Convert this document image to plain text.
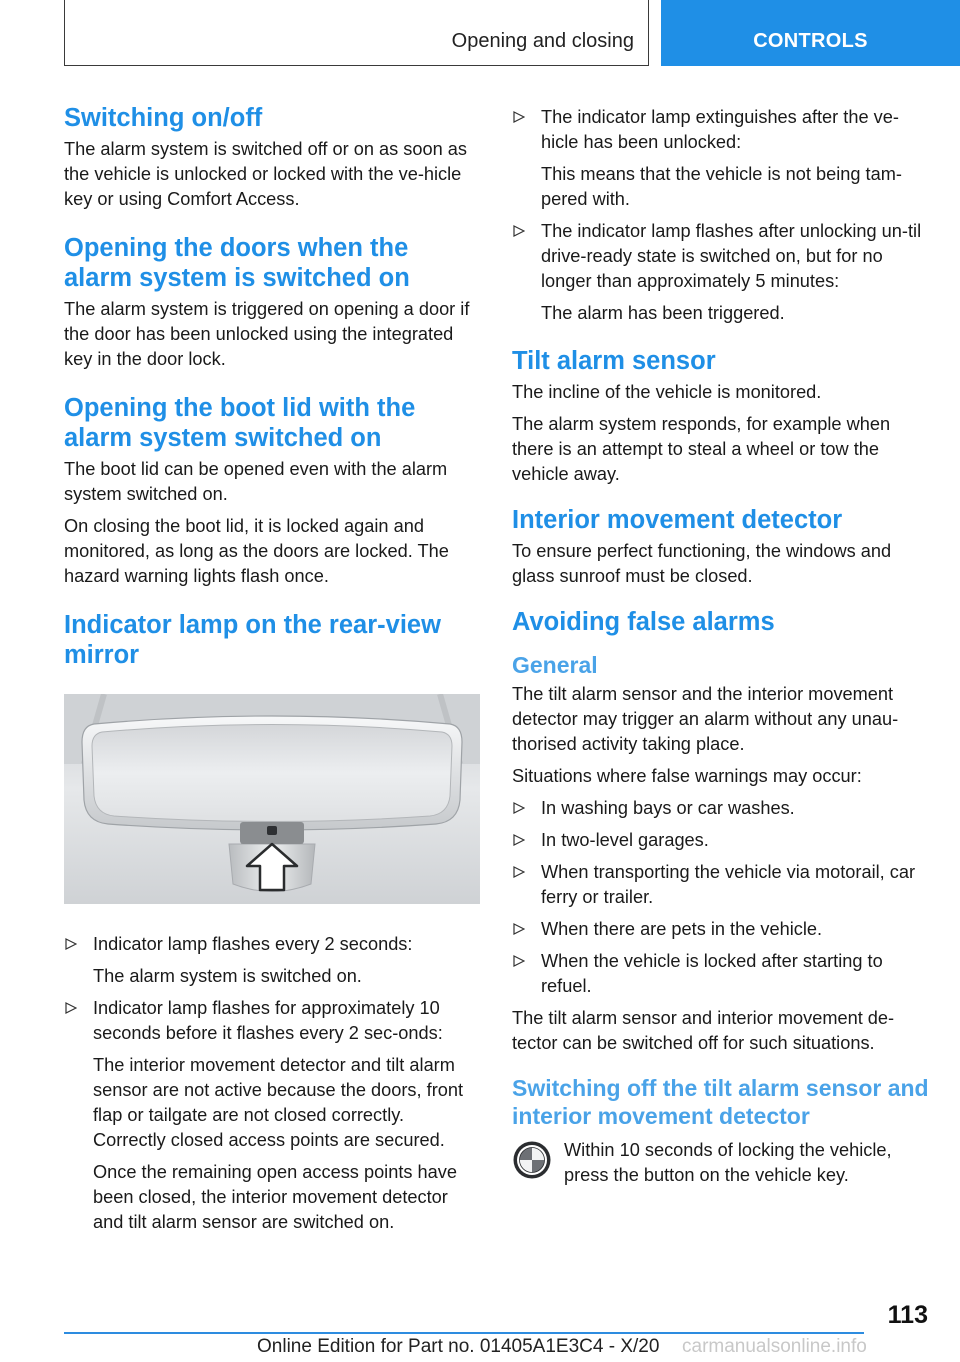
Opening and closing	CONTROLS
Switching on/off

The alarm system is switched off or on as soon as the vehicle is unlocked or locked with the ve‐hicle key or using Comfort Access.

Opening the doors when the alarm system is switched on

The alarm system is triggered on opening a door if the door has been unlocked using the integrated key in the door lock.

Opening the boot lid with the alarm system switched on

The boot lid can be opened even with the alarm system switched on.

On closing the boot lid, it is locked again and monitored, as long as the doors are locked. The hazard warning lights flash once.

Indicator lamp on the rear-view mirror

Indicator lamp flashes every 2 seconds:

The alarm system is switched on.

Indicator lamp flashes for approximately 10 seconds before it flashes every 2 sec‐onds:

The interior movement detector and tilt alarm sensor are not active because the doors, front flap or tailgate are not closed correctly. Correctly closed access points are secured.

Once the remaining open access points have been closed, the interior movement detector and tilt alarm sensor are switched on.

The indicator lamp extinguishes after the ve‐hicle has been unlocked:

This means that the vehicle is not being tam‐pered with.

The indicator lamp flashes after unlocking un‐til drive-ready state is switched on, but for no longer than approximately 5 minutes:

The alarm has been triggered.

Tilt alarm sensor

The incline of the vehicle is monitored.

The alarm system responds, for example when there is an attempt to steal a wheel or tow the vehicle away.

Interior movement detector

To ensure perfect functioning, the windows and glass sunroof must be closed.

Avoiding false alarms
General

The tilt alarm sensor and the interior movement detector may trigger an alarm without any unau‐thorised activity taking place.

Situations where false warnings may occur:

In washing bays or car washes.
In two-level garages.
When transporting the vehicle via motorail, car ferry or trailer.
When there are pets in the vehicle.
When the vehicle is locked after starting to refuel.

The tilt alarm sensor and interior movement de‐tector can be switched off for such situations.

Switching off the tilt alarm sensor and interior movement detector

Within 10 seconds of locking the vehicle, press the button on the vehicle key.

113
Online Edition for Part no. 01405A1E3C4 - X/20 carmanualsonline.info
